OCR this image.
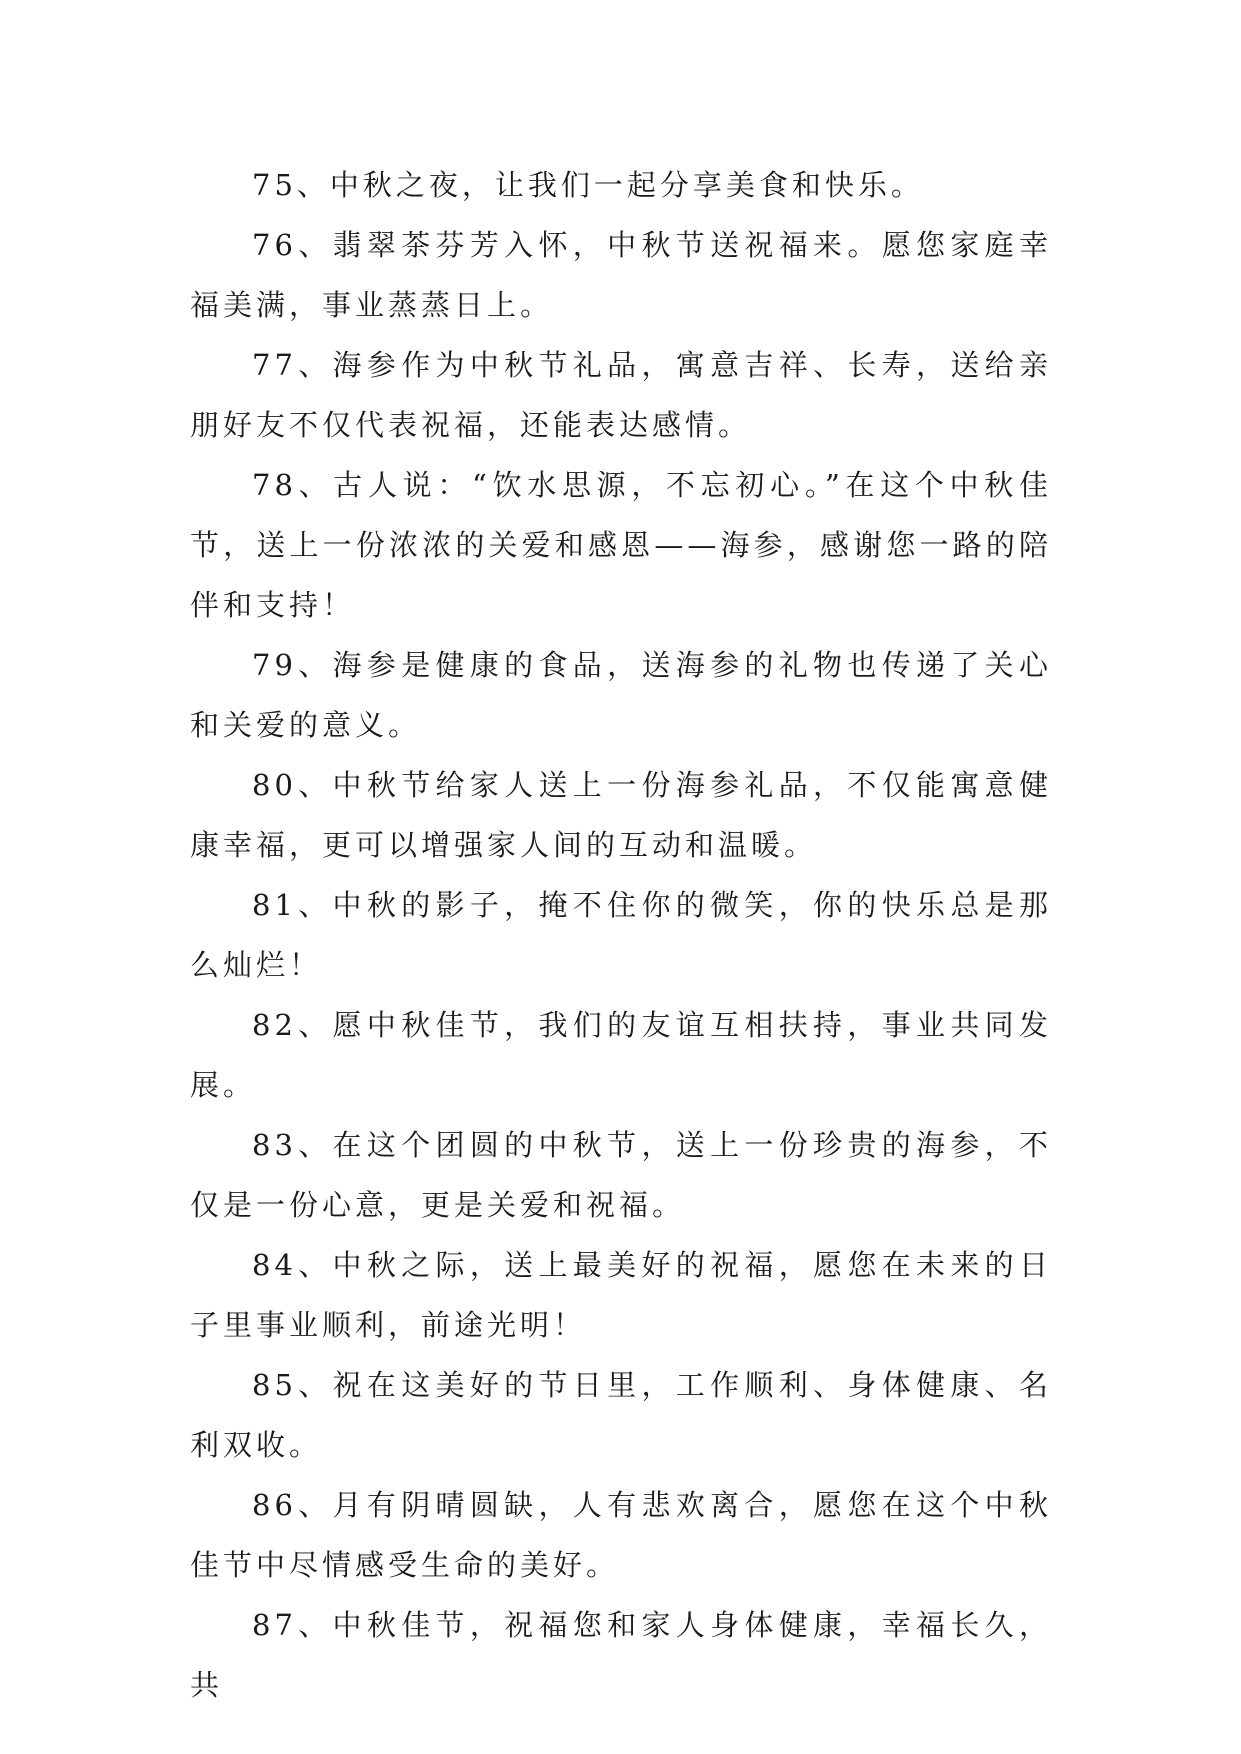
75、中秋之夜，让我们一起分享美食和快乐。

76、翡翠茶芬芳入怀，中秋节送祝福来。愿您家庭幸福美满，事业蒸蒸日上。

77、海参作为中秋节礼品，寓意吉祥、长寿，送给亲朋好友不仅代表祝福，还能表达感情。

78、古人说：“饮水思源，不忘初心。”在这个中秋佳节，送上一份浓浓的关爱和感恩——海参，感谢您一路的陪伴和支持！

79、海参是健康的食品，送海参的礼物也传递了关心和关爱的意义。

80、中秋节给家人送上一份海参礼品，不仅能寓意健康幸福，更可以增强家人间的互动和温暖。

81、中秋的影子，掩不住你的微笑，你的快乐总是那么灿烂！

82、愿中秋佳节，我们的友谊互相扶持，事业共同发展。

83、在这个团圆的中秋节，送上一份珍贵的海参，不仅是一份心意，更是关爱和祝福。

84、中秋之际，送上最美好的祝福，愿您在未来的日子里事业顺利，前途光明！

85、祝在这美好的节日里，工作顺利、身体健康、名利双收。

86、月有阴晴圆缺，人有悲欢离合，愿您在这个中秋佳节中尽情感受生命的美好。

87、中秋佳节，祝福您和家人身体健康，幸福长久，共
